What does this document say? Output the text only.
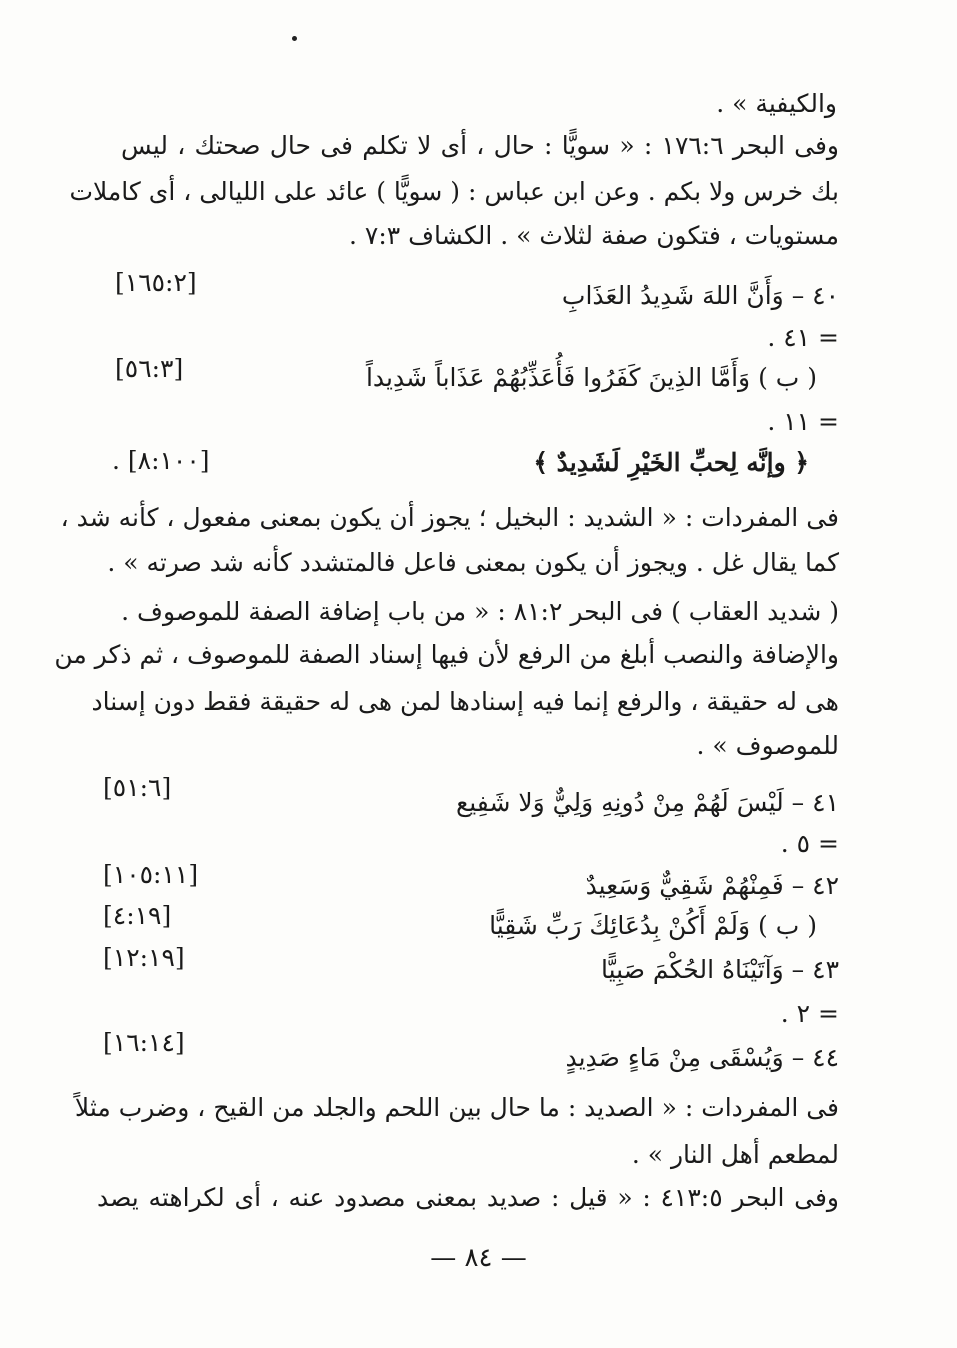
والكيفية » .
وفى البحر ١٧٦:٦ : « سويًّا : حال ، أى لا تكلم فى حال صحتك ، ليس
بك خرس ولا بكم . وعن ابن عباس : ( سويًّا ) عائد على الليالى ، أى كاملات
مستويات ، فتكون صفة لثلاث » . الكشاف ٧:٣ .
٤٠ – وَأَنَّ اللهَ شَدِيدُ العَذَابِ
[١٦٥:٢]
= ٤١ .
( ب ) وَأَمَّا الذِينَ كَفَرُوا فَأُعَذِّبُهُمْ عَذَاباً شَدِيداً
[٥٦:٣]
= ١١ .
﴿ وإنَّه لِحبِّ الخَيْرِ لَشَدِيدٌ ﴾
[٨:١٠٠] .
فى المفردات : « الشديد : البخيل ؛ يجوز أن يكون بمعنى مفعول ، كأنه شد ،
كما يقال غل . ويجوز أن يكون بمعنى فاعل فالمتشدد كأنه شد صرته » .
( شديد العقاب ) فى البحر ٨١:٢ : « من باب إضافة الصفة للموصوف .
والإضافة والنصب أبلغ من الرفع لأن فيها إسناد الصفة للموصوف ، ثم ذكر من
هى له حقيقة ، والرفع إنما فيه إسنادها لمن هى له حقيقة فقط دون إسناد
للموصوف » .
٤١ – لَيْسَ لَهُمْ مِنْ دُونِهِ وَلِيٌّ وَلا شَفِيع
[٥١:٦]
= ٥ .
٤٢ – فَمِنْهُمْ شَقِيٌّ وَسَعِيدٌ
[١٠٥:١١]
( ب ) وَلَمْ أَكُنْ بِدُعَائِكَ رَبِّ شَقِيًّا
[٤:١٩]
٤٣ – وَآتَيْنَاهُ الحُكْمَ صَبِيًّا
[١٢:١٩]
= ٢ .
٤٤ – وَيُسْقَى مِنْ مَاءٍ صَدِيدٍ
[١٦:١٤]
فى المفردات : « الصديد : ما حال بين اللحم والجلد من القيح ، وضرب مثلاً
لمطعم أهل النار » .
وفى البحر ٤١٣:٥ : « قيل : صديد بمعنى مصدود عنه ، أى لكراهته يصد
— ٨٤ —
